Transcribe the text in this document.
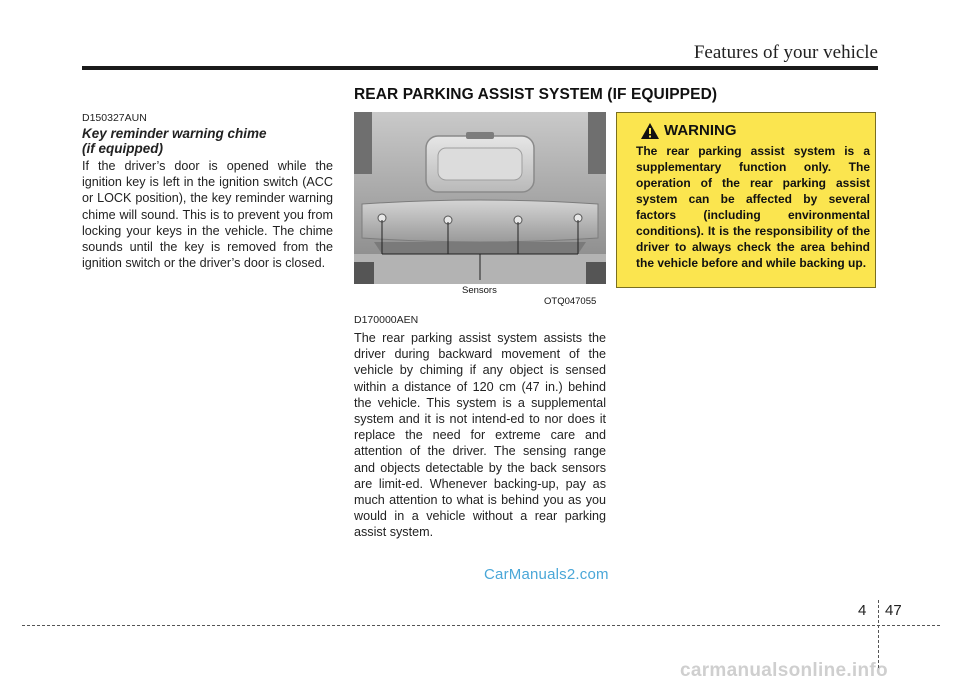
Features of your vehicle
REAR PARKING ASSIST SYSTEM (IF EQUIPPED)
D150327AUN
Key reminder warning chime
(if equipped)
If the driver’s door is opened while the ignition key is left in the ignition switch (ACC or LOCK position), the key reminder warning chime will sound. This is to prevent you from locking your keys in the vehicle. The chime sounds until the key is removed from the ignition switch or the driver’s door is closed.
Sensors
OTQ047055
D170000AEN
The rear parking assist system assists the driver during backward movement of the vehicle by chiming if any object is sensed within a distance of 120 cm (47 in.) behind the vehicle. This system is a supplemental system and it is not intend-ed to nor does it replace the need for extreme care and attention of the driver. The sensing range and objects detectable by the back sensors are limit-ed. Whenever backing-up, pay as much attention to what is behind you as you would in a vehicle without a rear parking assist system.
WARNING
The rear parking assist system is a supplementary function only. The operation of the rear parking assist system can be affected by several factors (including environmental conditions). It is the responsibility of the driver to always check the area behind the vehicle before and while backing up.
CarManuals2.com
carmanualsonline.info
4 47
